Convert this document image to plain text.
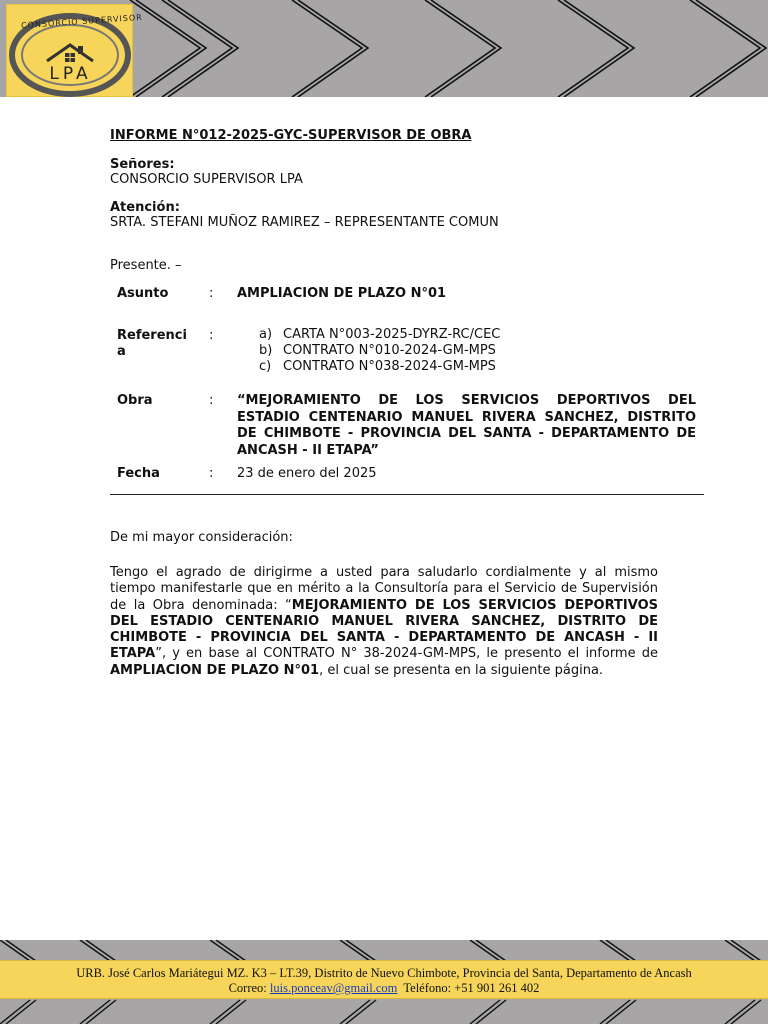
CONSORCIO SUPERVISOR
LPA
INFORME N°012-2025-GYC-SUPERVISOR DE OBRA
Señores:
CONSORCIO SUPERVISOR LPA
Atención:
SRTA. STEFANI MUÑOZ RAMIREZ – REPRESENTANTE COMUN
Presente. –
Asunto	: AMPLIACION DE PLAZO N°01
Referenci
a
:	a) CARTA N°003-2025-DYRZ-RC/CEC
b) CONTRATO N°010-2024-GM-MPS
c) CONTRATO N°038-2024-GM-MPS
Obra	: “MEJORAMIENTO DE LOS SERVICIOS DEPORTIVOS DEL ESTADIO CENTENARIO MANUEL RIVERA SANCHEZ, DISTRITO DE CHIMBOTE - PROVINCIA DEL SANTA - DEPARTAMENTO DE ANCASH - II ETAPA”
Fecha	: 23 de enero del 2025
De mi mayor consideración:
Tengo el agrado de dirigirme a usted para saludarlo cordialmente y al mismo tiempo manifestarle que en mérito a la Consultoría para el Servicio de Supervisión de la Obra denominada: “MEJORAMIENTO DE LOS SERVICIOS DEPORTIVOS DEL ESTADIO CENTENARIO MANUEL RIVERA SANCHEZ, DISTRITO DE CHIMBOTE - PROVINCIA DEL SANTA - DEPARTAMENTO DE ANCASH - II ETAPA”, y en base al CONTRATO N° 38-2024-GM-MPS, le presento el informe de AMPLIACION DE PLAZO N°01, el cual se presenta en la siguiente página.
URB. José Carlos Mariátegui MZ. K3 – LT.39, Distrito de Nuevo Chimbote, Provincia del Santa, Departamento de Ancash
Correo: luis.ponceav@gmail.com Teléfono: +51 901 261 402
